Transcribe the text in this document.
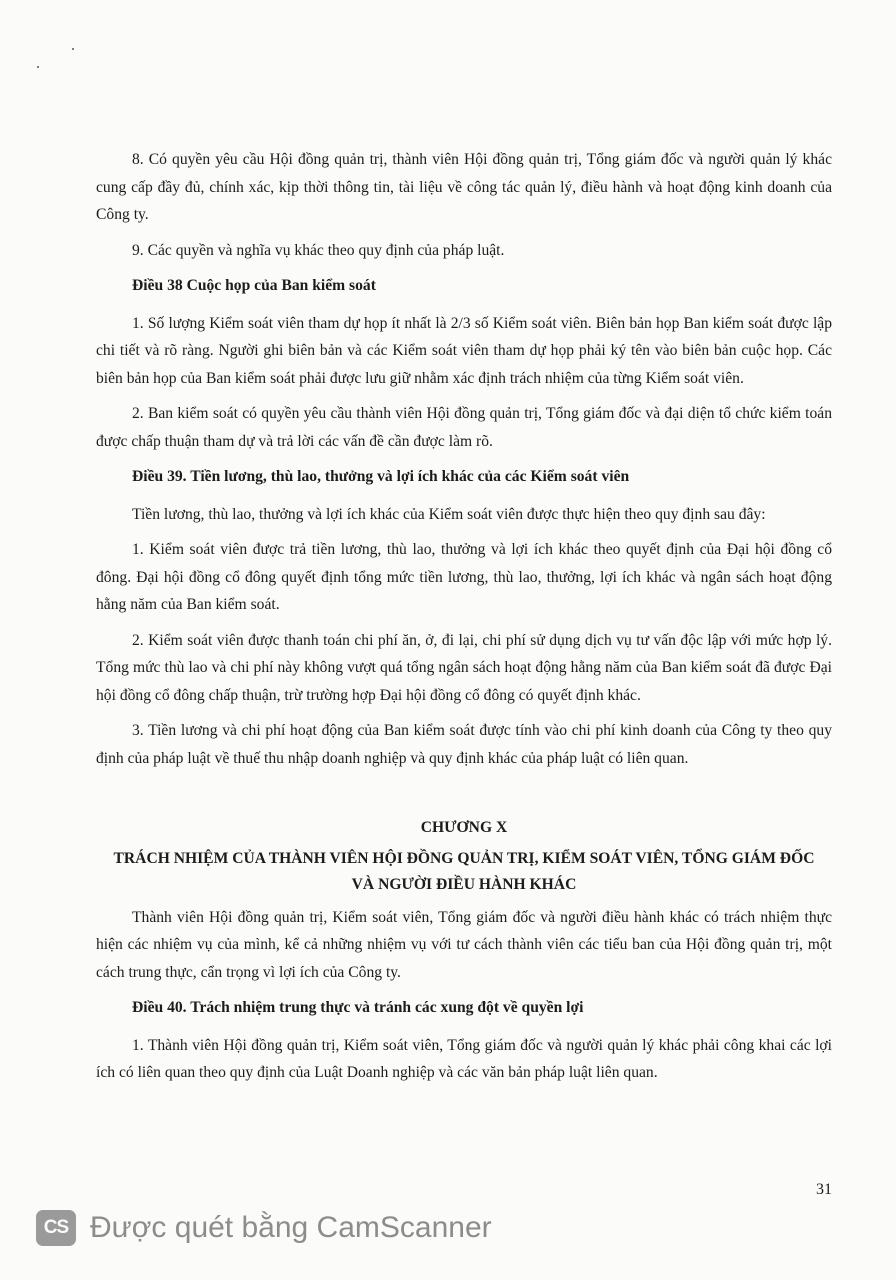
8. Có quyền yêu cầu Hội đồng quản trị, thành viên Hội đồng quản trị, Tổng giám đốc và người quản lý khác cung cấp đầy đủ, chính xác, kịp thời thông tin, tài liệu về công tác quản lý, điều hành và hoạt động kinh doanh của Công ty.

9. Các quyền và nghĩa vụ khác theo quy định của pháp luật.

Điều 38 Cuộc họp của Ban kiểm soát

1. Số lượng Kiểm soát viên tham dự họp ít nhất là 2/3 số Kiểm soát viên. Biên bản họp Ban kiểm soát được lập chi tiết và rõ ràng. Người ghi biên bản và các Kiểm soát viên tham dự họp phải ký tên vào biên bản cuộc họp. Các biên bản họp của Ban kiểm soát phải được lưu giữ nhằm xác định trách nhiệm của từng Kiểm soát viên.

2. Ban kiểm soát có quyền yêu cầu thành viên Hội đồng quản trị, Tổng giám đốc và đại diện tổ chức kiểm toán được chấp thuận tham dự và trả lời các vấn đề cần được làm rõ.

Điều 39. Tiền lương, thù lao, thưởng và lợi ích khác của các Kiểm soát viên

Tiền lương, thù lao, thưởng và lợi ích khác của Kiểm soát viên được thực hiện theo quy định sau đây:

1. Kiểm soát viên được trả tiền lương, thù lao, thưởng và lợi ích khác theo quyết định của Đại hội đồng cổ đông. Đại hội đồng cổ đông quyết định tổng mức tiền lương, thù lao, thưởng, lợi ích khác và ngân sách hoạt động hằng năm của Ban kiểm soát.

2. Kiểm soát viên được thanh toán chi phí ăn, ở, đi lại, chi phí sử dụng dịch vụ tư vấn độc lập với mức hợp lý. Tổng mức thù lao và chi phí này không vượt quá tổng ngân sách hoạt động hằng năm của Ban kiểm soát đã được Đại hội đồng cổ đông chấp thuận, trừ trường hợp Đại hội đồng cổ đông có quyết định khác.

3. Tiền lương và chi phí hoạt động của Ban kiểm soát được tính vào chi phí kinh doanh của Công ty theo quy định của pháp luật về thuế thu nhập doanh nghiệp và quy định khác của pháp luật có liên quan.

CHƯƠNG X

TRÁCH NHIỆM CỦA THÀNH VIÊN HỘI ĐỒNG QUẢN TRỊ, KIỂM SOÁT VIÊN, TỔNG GIÁM ĐỐC VÀ NGƯỜI ĐIỀU HÀNH KHÁC

Thành viên Hội đồng quản trị, Kiểm soát viên, Tổng giám đốc và người điều hành khác có trách nhiệm thực hiện các nhiệm vụ của mình, kể cả những nhiệm vụ với tư cách thành viên các tiểu ban của Hội đồng quản trị, một cách trung thực, cẩn trọng vì lợi ích của Công ty.

Điều 40. Trách nhiệm trung thực và tránh các xung đột về quyền lợi

1. Thành viên Hội đồng quản trị, Kiểm soát viên, Tổng giám đốc và người quản lý khác phải công khai các lợi ích có liên quan theo quy định của Luật Doanh nghiệp và các văn bản pháp luật liên quan.

31
CS Được quét bằng CamScanner
